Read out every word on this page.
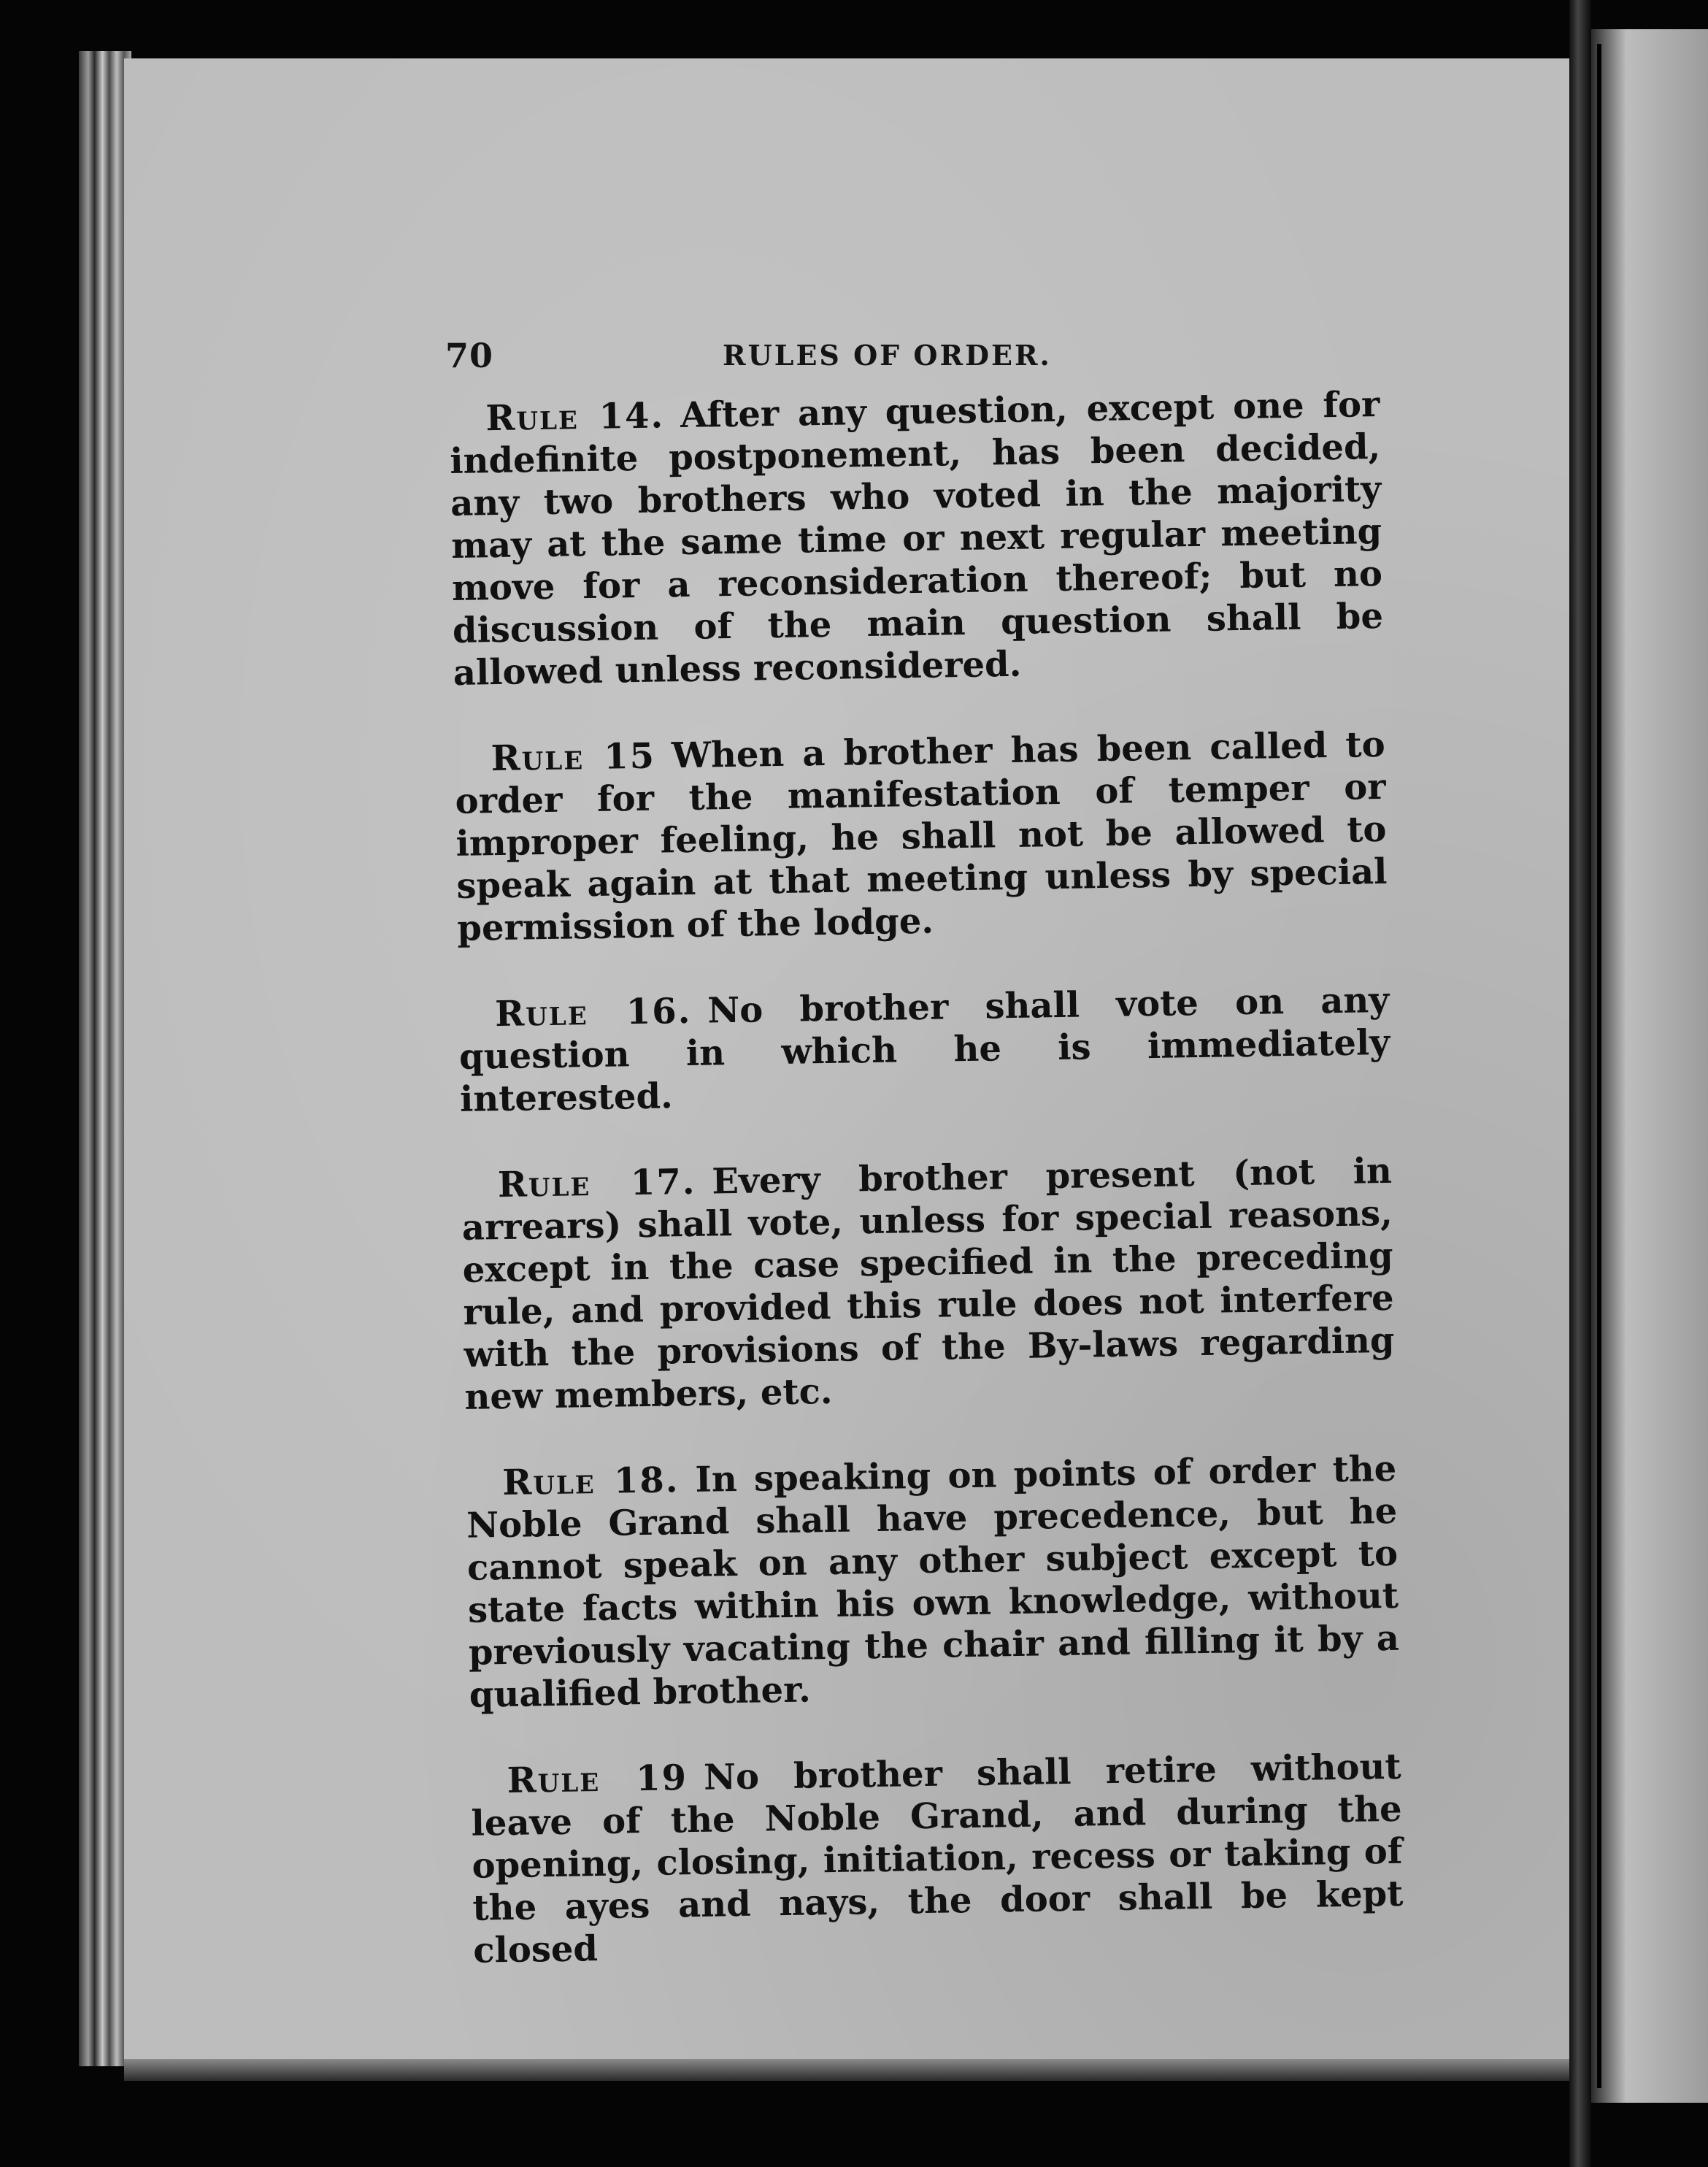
70	RULES OF ORDER.

Rule 14. After any question, except one for indefinite postponement, has been decided, any two brothers who voted in the majority may at the same time or next regular meeting move for a reconsideration thereof; but no discussion of the main question shall be allowed unless reconsidered.

Rule 15 When a brother has been called to order for the manifestation of temper or improper feeling, he shall not be allowed to speak again at that meeting unless by special permission of the lodge.

Rule 16. No brother shall vote on any question in which he is immediately interested.

Rule 17. Every brother present (not in arrears) shall vote, unless for special reasons, except in the case specified in the preceding rule, and provided this rule does not interfere with the provisions of the By-laws regarding new members, etc.

Rule 18. In speaking on points of order the Noble Grand shall have precedence, but he cannot speak on any other subject except to state facts within his own knowledge, without previously vacating the chair and filling it by a qualified brother.

Rule 19 No brother shall retire without leave of the Noble Grand, and during the opening, closing, initiation, recess or taking of the ayes and nays, the door shall be kept closed
